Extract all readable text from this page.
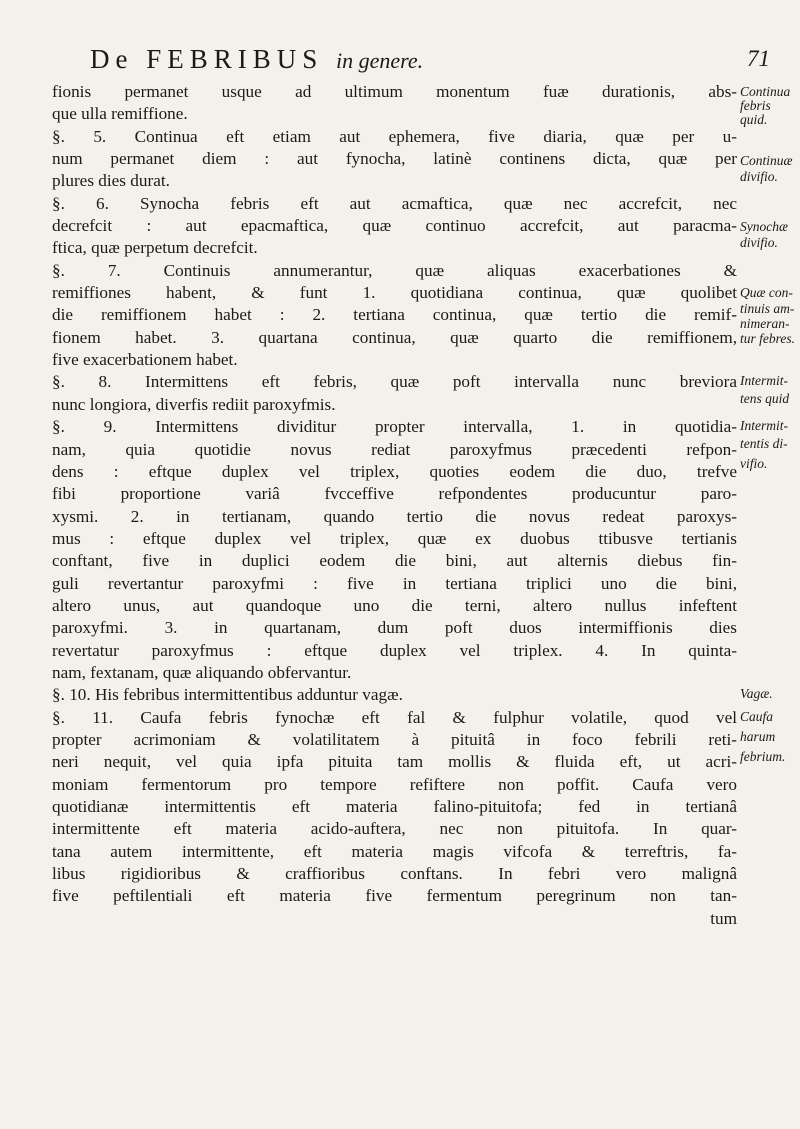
De FEBRIBUS in genere.	71
fionis permanet usque ad ultimum monentum fuæ durationis, abs-
que ulla remiffione.
§. 5. Continua eft etiam aut ephemera, five diaria, quæ per u-
num permanet diem : aut fynocha, latinè continens dicta, quæ per
plures dies durat.
§. 6. Synocha febris eft aut acmaftica, quæ nec accrefcit, nec
decrefcit : aut epacmaftica, quæ continuo accrefcit, aut paracma-
ftica, quæ perpetum decrefcit.
§. 7. Continuis annumerantur, quæ aliquas exacerbationes &
remiffiones habent, & funt 1. quotidiana continua, quæ quolibet
die remiffionem habet : 2. tertiana continua, quæ tertio die remif-
fionem habet. 3. quartana continua, quæ quarto die remiffionem,
five exacerbationem habet.
§. 8. Intermittens eft febris, quæ poft intervalla nunc breviora
nunc longiora, diverfis rediit paroxyfmis.
§. 9. Intermittens dividitur propter intervalla, 1. in quotidia-
nam, quia quotidie novus rediat paroxyfmus præcedenti refpon-
dens : eftque duplex vel triplex, quoties eodem die duo, trefve
fibi proportione variâ fvcceffive refpondentes producuntur paro-
xysmi. 2. in tertianam, quando tertio die novus redeat paroxys-
mus : eftque duplex vel triplex, quæ ex duobus ttibusve tertianis
conftant, five in duplici eodem die bini, aut alternis diebus fin-
guli revertantur paroxyfmi : five in tertiana triplici uno die bini,
altero unus, aut quandoque uno die terni, altero nullus infeftent
paroxyfmi. 3. in quartanam, dum poft duos intermiffionis dies
revertatur paroxyfmus : eftque duplex vel triplex. 4. In quinta-
nam, fextanam, quæ aliquando obfervantur.
§. 10. His febribus intermittentibus adduntur vagæ.
§. 11. Caufa febris fynochæ eft fal & fulphur volatile, quod vel
propter acrimoniam & volatilitatem à pituitâ in foco febrili reti-
neri nequit, vel quia ipfa pituita tam mollis & fluida eft, ut acri-
moniam fermentorum pro tempore refiftere non poffit. Caufa vero
quotidianæ intermittentis eft materia falino-pituitofa; fed in tertianâ
intermittente eft materia acido-auftera, nec non pituitofa. In quar-
tana autem intermittente, eft materia magis vifcofa & terreftris, fa-
libus rigidioribus & craffioribus conftans. In febri vero malignâ
five peftilentiali eft materia five fermentum peregrinum non tan-
tum
Continua
febris
quid.
Continuæ
divifio.
Synochæ
divifio.
Quæ con-
tinuis am-
nimeran-
tur febres.
Intermit-
tens quid
Intermit-
tentis di-
vifio.
Vagæ.
Caufa
harum
febrium.
